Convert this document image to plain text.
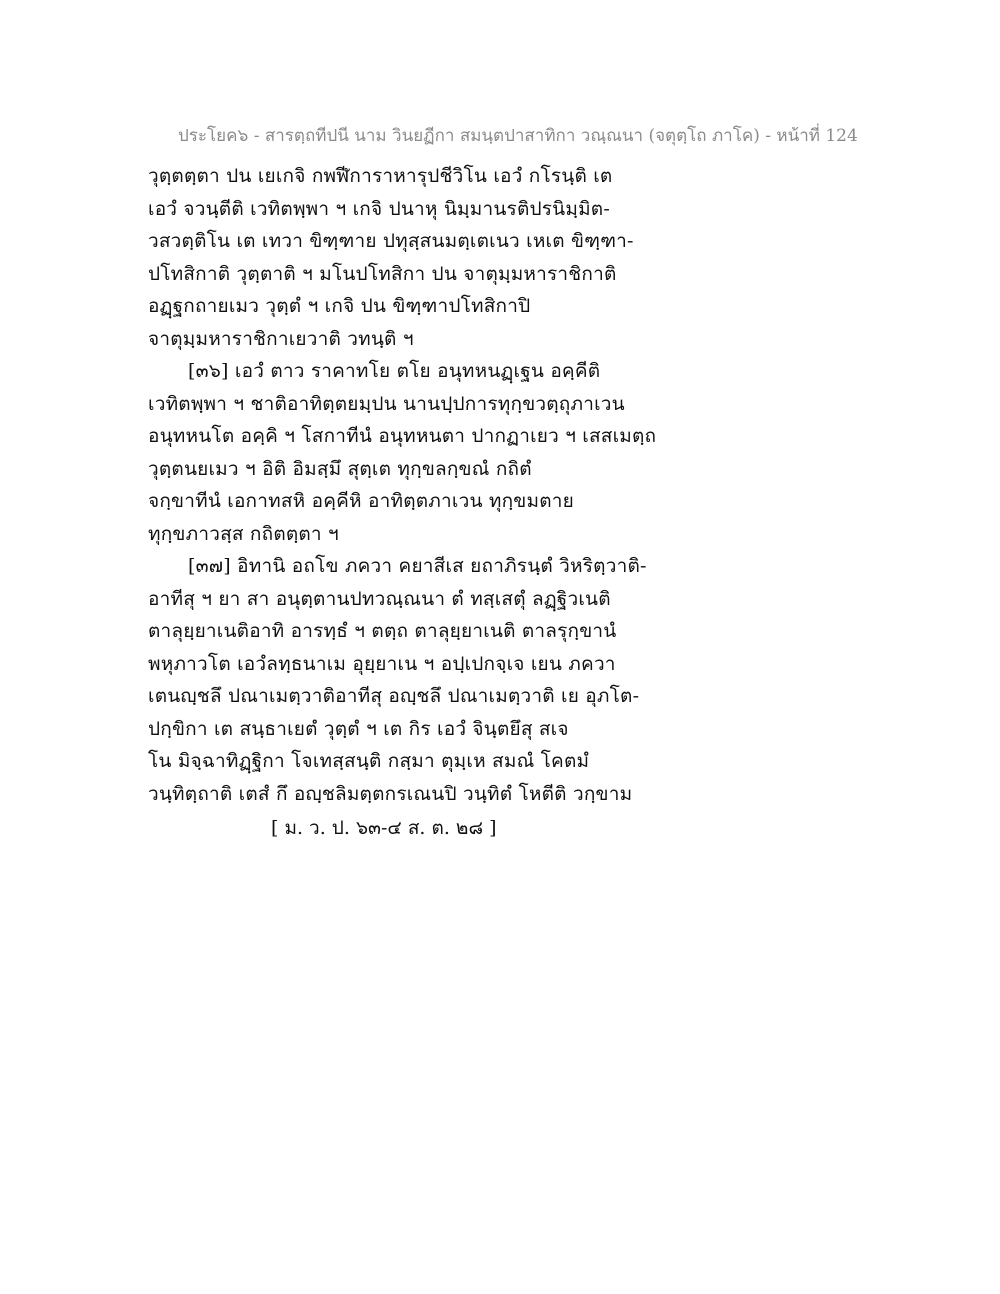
ประโยค๖ - สารตฺถทีปนี นาม วินยฏีกา สมนฺตปาสาทิกา วณฺณนา (จตุตฺโถ ภาโค) - หน้าที่ 124
วุตฺตตฺตา ปน เยเกจิ กพฬีการาหารุปชีวิโน เอวํ กโรนฺติ เต
เอวํ จวนฺตีติ เวทิตพฺพา ฯ เกจิ ปนาหุ นิมฺมานรติปรนิมฺมิต-
วสวตฺติโน เต เทวา ขิฑฺฑาย ปทุสฺสนมตฺเตเนว เหเต ขิฑฺฑา-
ปโทสิกาติ วุตฺตาติ ฯ มโนปโทสิกา ปน จาตุมฺมหาราชิกาติ
อฏฺฐกถายเมว วุตฺตํ ฯ เกจิ ปน ขิฑฺฑาปโทสิกาปิ
จาตุมฺมหาราชิกาเยวาติ วทนฺติ ฯ
[๓๖] เอวํ ตาว ราคาทโย ตโย อนุทหนฏฺเฐน อคฺคีติ
เวทิตพฺพา ฯ ชาติอาทิตฺตยมฺปน นานปฺปการทุกฺขวตฺถุภาเวน
อนุทหนโต อคฺคิ ฯ โสกาทีนํ อนุทหนตา ปากฏาเยว ฯ เสสเมตฺถ
วุตฺตนยเมว ฯ อิติ อิมสฺมึ สุตฺเต ทุกฺขลกฺขณํ กถิตํ
จกฺขาทีนํ เอกาทสหิ อคฺคีหิ อาทิตฺตภาเวน ทุกฺขมตาย
ทุกฺขภาวสฺส กถิตตฺตา ฯ
[๓๗] อิทานิ อถโข ภควา คยาสีเส ยถาภิรนฺตํ วิหริตฺวาติ-
อาทีสุ ฯ ยา สา อนุตฺตานปทวณฺณนา ตํ ทสฺเสตุํ ลฏฺฐิวเนติ
ตาลุยฺยาเนติอาทิ อารทฺธํ ฯ ตตฺถ ตาลุยฺยาเนติ ตาลรุกฺขานํ
พหุภาวโต เอวํลทฺธนาเม อุยฺยาเน ฯ อปฺเปกจฺเจ เยน ภควา
เตนญฺชลึ ปณาเมตฺวาติอาทีสุ อญฺชลึ ปณาเมตฺวาติ เย อุภโต-
ปกฺขิกา เต สนฺธาเยตํ วุตฺตํ ฯ เต กิร เอวํ จินฺตยึสุ สเจ
โน มิจฺฉาทิฏฺฐิกา โจเทสฺสนฺติ กสฺมา ตุมฺเห สมณํ โคตมํ
วนฺทิตฺถาติ เตสํ กึ อญฺชลิมตฺตกรเณนปิ วนฺทิตํ โหตีติ วกฺขาม
[ ม. ว. ป. ๖๓-๔ ส. ต. ๒๘ ]
